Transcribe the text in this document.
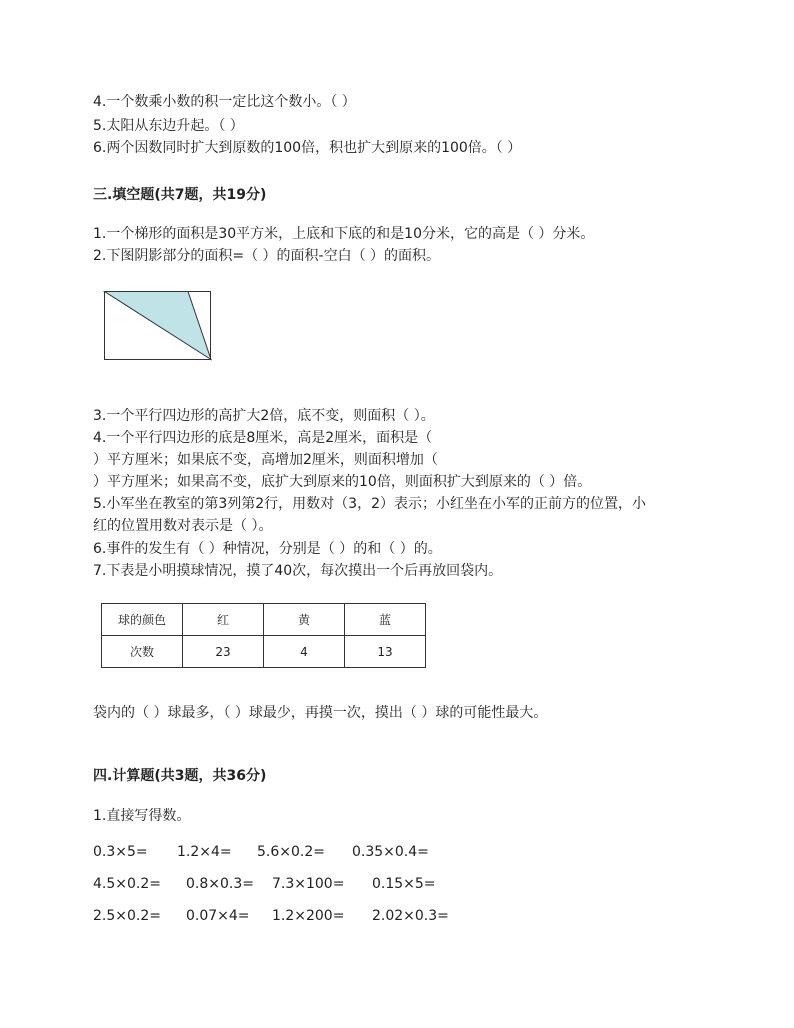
4.一个数乘小数的积一定比这个数小。（ ）
5.太阳从东边升起。（ ）
6.两个因数同时扩大到原数的100倍，积也扩大到原来的100倍。（ ）
三.填空题(共7题，共19分)
1.一个梯形的面积是30平方米，上底和下底的和是10分米，它的高是（ ）分米。
2.下图阴影部分的面积=（ ）的面积-空白（ ）的面积。
3.一个平行四边形的高扩大2倍，底不变，则面积（ ）。
4.一个平行四边形的底是8厘米，高是2厘米，面积是（
）平方厘米；如果底不变，高增加2厘米，则面积增加（
）平方厘米；如果高不变，底扩大到原来的10倍，则面积扩大到原来的（ ）倍。
5.小军坐在教室的第3列第2行，用数对（3，2）表示；小红坐在小军的正前方的位置，小
红的位置用数对表示是（ ）。
6.事件的发生有（ ）种情况，分别是（ ）的和（ ）的。
7.下表是小明摸球情况，摸了40次，每次摸出一个后再放回袋内。
球的颜色	红	黄	蓝
次数	23	4	13
袋内的（ ）球最多，（ ）球最少，再摸一次，摸出（ ）球的可能性最大。
四.计算题(共3题，共36分)
1.直接写得数。
0.3×5= 1.2×4= 5.6×0.2= 0.35×0.4=
4.5×0.2= 0.8×0.3= 7.3×100= 0.15×5=
2.5×0.2= 0.07×4= 1.2×200= 2.02×0.3=
